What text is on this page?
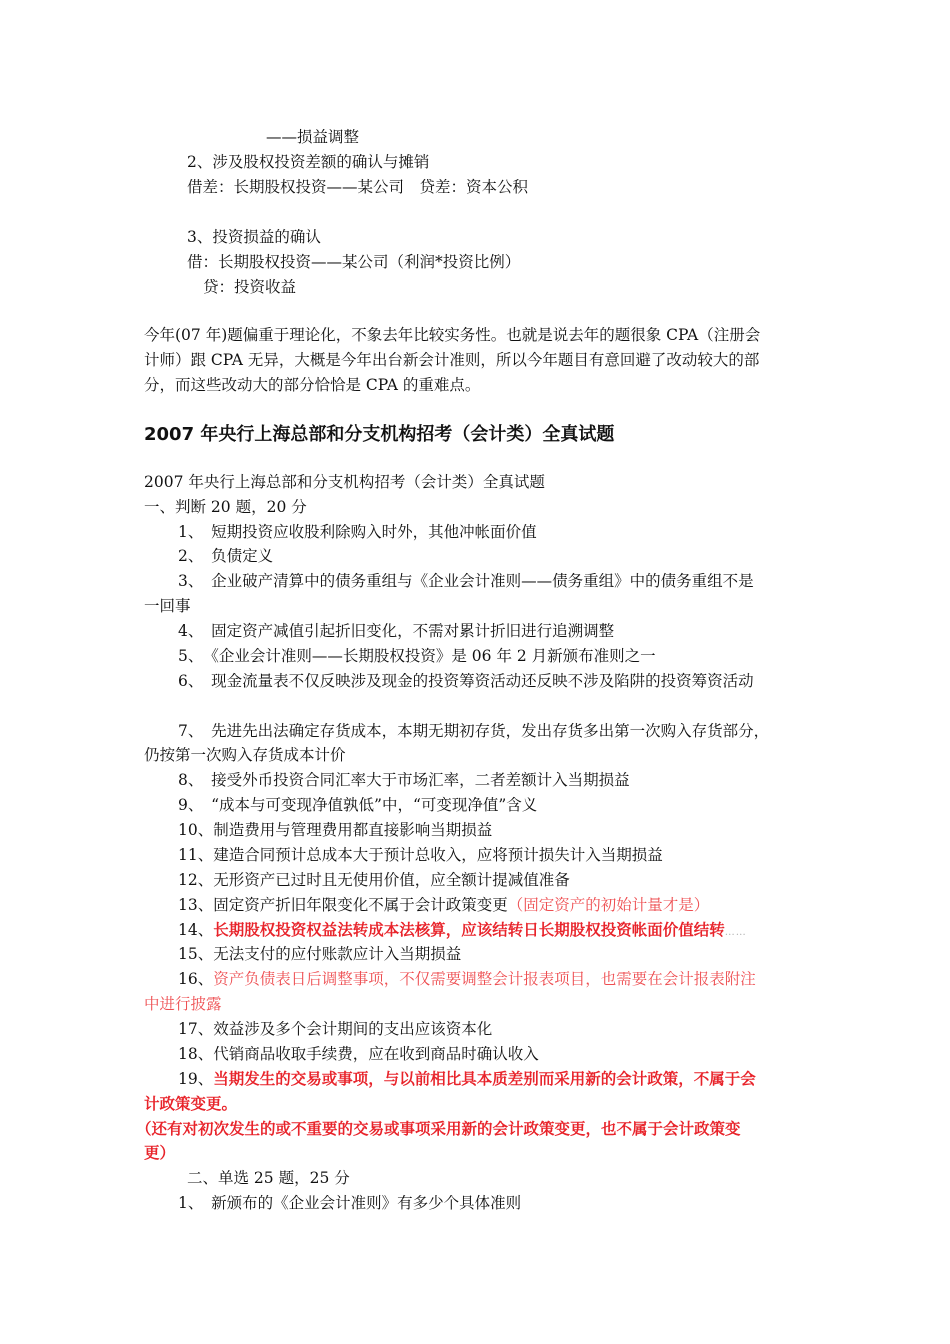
——损益调整
2、涉及股权投资差额的确认与摊销
借差：长期股权投资——某公司　贷差：资本公积
3、投资损益的确认
借：长期股权投资——某公司（利润*投资比例）
贷：投资收益
今年(07 年)题偏重于理论化，不象去年比较实务性。也就是说去年的题很象 CPA（注册会
计师）跟 CPA 无异，大概是今年出台新会计准则，所以今年题目有意回避了改动较大的部
分，而这些改动大的部分恰恰是 CPA 的重难点。
2007 年央行上海总部和分支机构招考（会计类）全真试题
2007 年央行上海总部和分支机构招考（会计类）全真试题
一、判断 20 题，20 分
1、　短期投资应收股利除购入时外，其他冲帐面价值
2、　负债定义
3、　企业破产清算中的债务重组与《企业会计准则——债务重组》中的债务重组不是
一回事
4、　固定资产减值引起折旧变化，不需对累计折旧进行追溯调整
5、　《企业会计准则——长期股权投资》是 06 年 2 月新颁布准则之一
6、　现金流量表不仅反映涉及现金的投资筹资活动还反映不涉及陷阱的投资筹资活动
7、　先进先出法确定存货成本，本期无期初存货，发出存货多出第一次购入存货部分，
仍按第一次购入存货成本计价
8、　接受外币投资合同汇率大于市场汇率，二者差额计入当期损益
9、　“成本与可变现净值孰低”中，“可变现净值”含义
10、制造费用与管理费用都直接影响当期损益
11、建造合同预计总成本大于预计总收入，应将预计损失计入当期损益
12、无形资产已过时且无使用价值，应全额计提减值准备
13、固定资产折旧年限变化不属于会计政策变更（固定资产的初始计量才是）
14、长期股权投资权益法转成本法核算，应该结转日长期股权投资帐面价值结转……
15、无法支付的应付账款应计入当期损益
16、资产负债表日后调整事项，不仅需要调整会计报表项目，也需要在会计报表附注
中进行披露
17、效益涉及多个会计期间的支出应该资本化
18、代销商品收取手续费，应在收到商品时确认收入
19、当期发生的交易或事项，与以前相比具本质差别而采用新的会计政策，不属于会
计政策变更。
（还有对初次发生的或不重要的交易或事项采用新的会计政策变更，也不属于会计政策变
更）
二、单选 25 题，25 分
1、　新颁布的《企业会计准则》有多少个具体准则
